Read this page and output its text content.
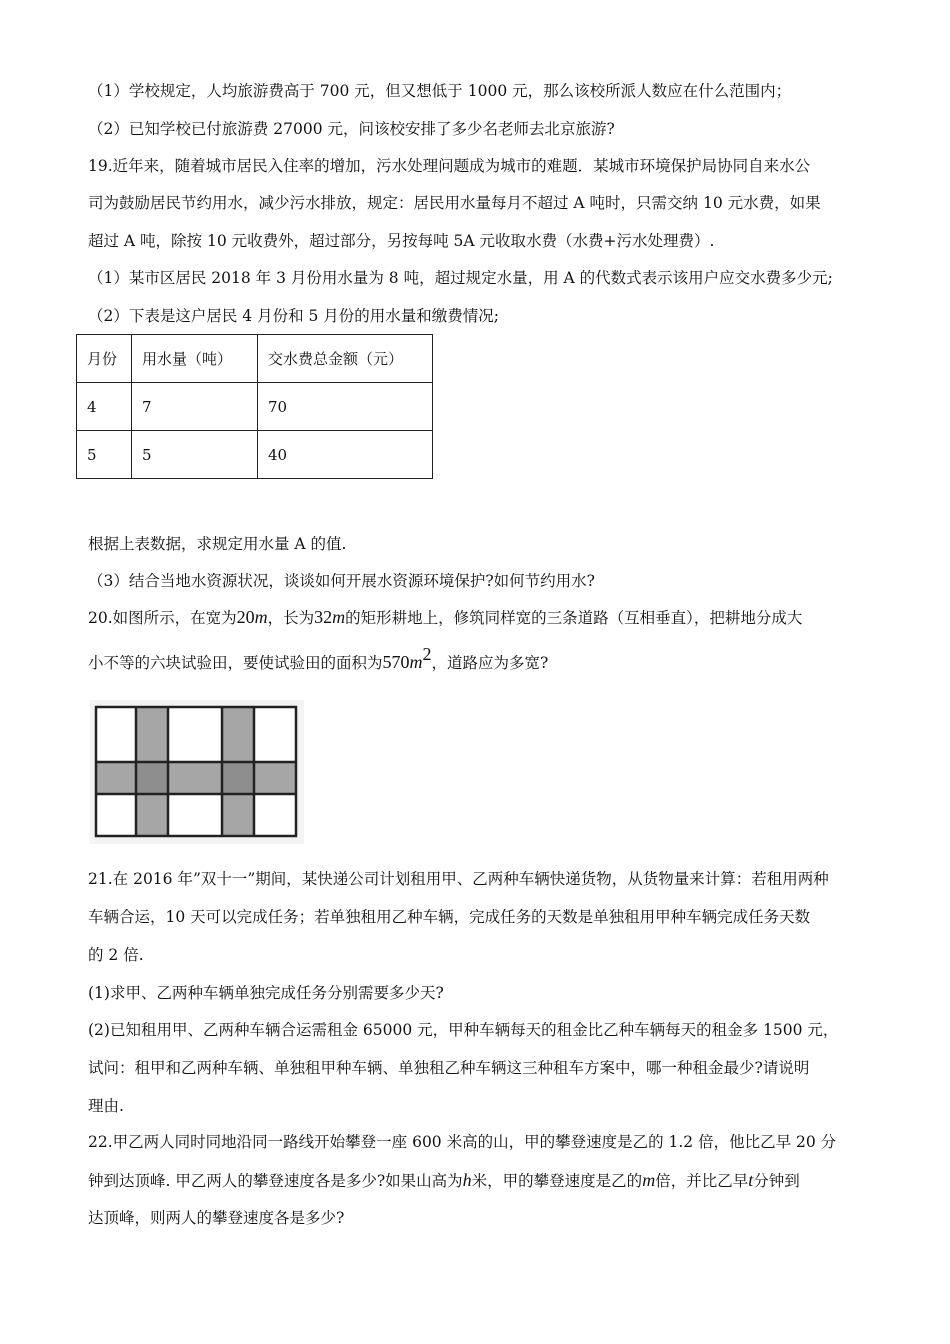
（1）学校规定，人均旅游费高于 700 元，但又想低于 1000 元，那么该校所派人数应在什么范围内；
（2）已知学校已付旅游费 27000 元，问该校安排了多少名老师去北京旅游?
19.近年来，随着城市居民入住率的增加，污水处理问题成为城市的难题．某城市环境保护局协同自来水公
司为鼓励居民节约用水，减少污水排放，规定：居民用水量每月不超过 A 吨时，只需交纳 10 元水费，如果
超过 A 吨，除按 10 元收费外，超过部分，另按每吨 5A 元收取水费（水费+污水处理费）.
（1）某市区居民 2018 年 3 月份用水量为 8 吨，超过规定水量，用 A 的代数式表示该用户应交水费多少元;
（2）下表是这户居民 4 月份和 5 月份的用水量和缴费情况;
月份	用水量（吨）	交水费总金额（元）
4	7	70
5	5	40
根据上表数据，求规定用水量 A 的值.
（3）结合当地水资源状况，谈谈如何开展水资源环境保护?如何节约用水?
20.如图所示，在宽为20m，长为32m的矩形耕地上，修筑同样宽的三条道路（互相垂直），把耕地分成大
小不等的六块试验田，要使试验田的面积为$570m^2$，道路应为多宽?
21.在 2016 年”双十一”期间，某快递公司计划租用甲、乙两种车辆快递货物，从货物量来计算：若租用两种
车辆合运，10 天可以完成任务；若单独租用乙种车辆，完成任务的天数是单独租用甲种车辆完成任务天数
的 2 倍.
(1)求甲、乙两种车辆单独完成任务分别需要多少天?
(2)已知租用甲、乙两种车辆合运需租金 65000 元，甲种车辆每天的租金比乙种车辆每天的租金多 1500 元，
试问：租甲和乙两种车辆、单独租甲种车辆、单独租乙种车辆这三种租车方案中，哪一种租金最少?请说明
理由.
22.甲乙两人同时同地沿同一路线开始攀登一座 600 米高的山，甲的攀登速度是乙的 1.2 倍，他比乙早 20 分
钟到达顶峰. 甲乙两人的攀登速度各是多少?如果山高为h米，甲的攀登速度是乙的m倍，并比乙早t分钟到
达顶峰，则两人的攀登速度各是多少?
